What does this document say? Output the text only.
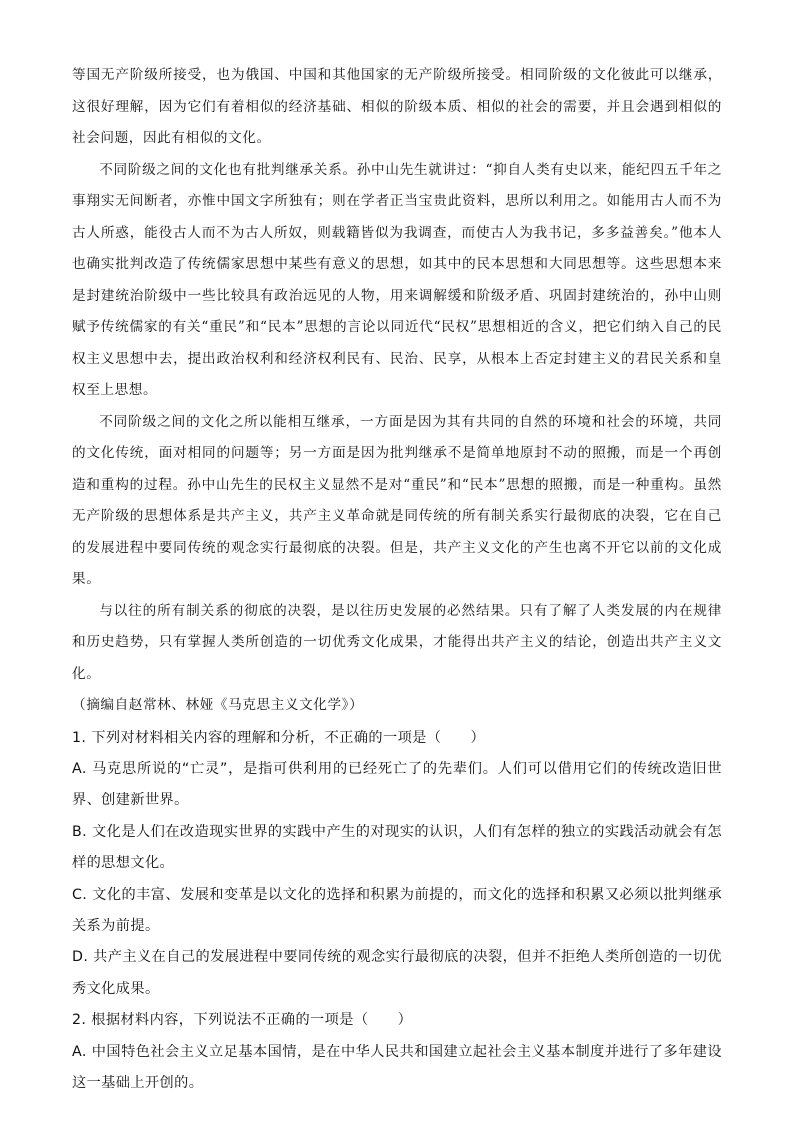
等国无产阶级所接受，也为俄国、中国和其他国家的无产阶级所接受。相同阶级的文化彼此可以继承，这很好理解，因为它们有着相似的经济基础、相似的阶级本质、相似的社会的需要，并且会遇到相似的社会问题，因此有相似的文化。

不同阶级之间的文化也有批判继承关系。孙中山先生就讲过：“抑自人类有史以来，能纪四五千年之事翔实无间断者，亦惟中国文字所独有；则在学者正当宝贵此资料，思所以利用之。如能用古人而不为古人所惑，能役古人而不为古人所奴，则载籍皆似为我调查，而使古人为我书记，多多益善矣。”他本人也确实批判改造了传统儒家思想中某些有意义的思想，如其中的民本思想和大同思想等。这些思想本来是封建统治阶级中一些比较具有政治远见的人物，用来调解缓和阶级矛盾、巩固封建统治的，孙中山则赋予传统儒家的有关“重民”和“民本”思想的言论以同近代“民权”思想相近的含义，把它们纳入自己的民权主义思想中去，提出政治权利和经济权利民有、民治、民享，从根本上否定封建主义的君民关系和皇权至上思想。

不同阶级之间的文化之所以能相互继承，一方面是因为其有共同的自然的环境和社会的环境，共同的文化传统，面对相同的问题等；另一方面是因为批判继承不是简单地原封不动的照搬，而是一个再创造和重构的过程。孙中山先生的民权主义显然不是对“重民”和“民本”思想的照搬，而是一种重构。虽然无产阶级的思想体系是共产主义，共产主义革命就是同传统的所有制关系实行最彻底的决裂，它在自己的发展进程中要同传统的观念实行最彻底的决裂。但是，共产主义文化的产生也离不开它以前的文化成果。

与以往的所有制关系的彻底的决裂，是以往历史发展的必然结果。只有了解了人类发展的内在规律和历史趋势，只有掌握人类所创造的一切优秀文化成果，才能得出共产主义的结论，创造出共产主义文化。

（摘编自赵常林、林娅《马克思主义文化学》）

1. 下列对材料相关内容的理解和分析，不正确的一项是（　　）

A. 马克思所说的“亡灵”，是指可供利用的已经死亡了的先辈们。人们可以借用它们的传统改造旧世界、创建新世界。

B. 文化是人们在改造现实世界的实践中产生的对现实的认识，人们有怎样的独立的实践活动就会有怎样的思想文化。

C. 文化的丰富、发展和变革是以文化的选择和积累为前提的，而文化的选择和积累又必须以批判继承关系为前提。

D. 共产主义在自己的发展进程中要同传统的观念实行最彻底的决裂，但并不拒绝人类所创造的一切优秀文化成果。

2. 根据材料内容，下列说法不正确的一项是（　　）

A. 中国特色社会主义立足基本国情，是在中华人民共和国建立起社会主义基本制度并进行了多年建设这一基础上开创的。
